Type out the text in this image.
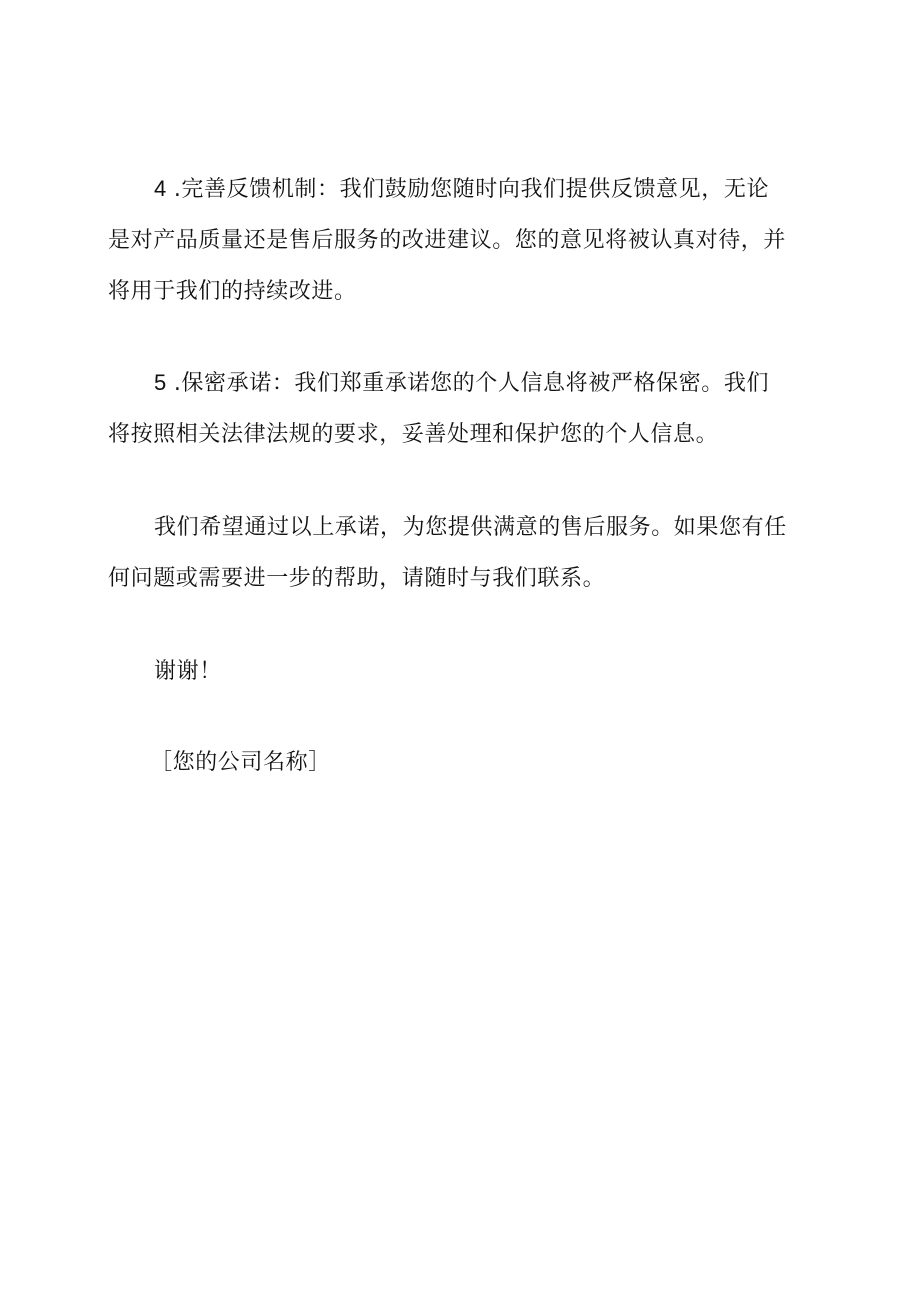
4 .完善反馈机制：我们鼓励您随时向我们提供反馈意见，无论
是对产品质量还是售后服务的改进建议。您的意见将被认真对待，并
将用于我们的持续改进。
5 .保密承诺：我们郑重承诺您的个人信息将被严格保密。我们
将按照相关法律法规的要求，妥善处理和保护您的个人信息。
我们希望通过以上承诺，为您提供满意的售后服务。如果您有任
何问题或需要进一步的帮助，请随时与我们联系。
谢谢！
［您的公司名称］
